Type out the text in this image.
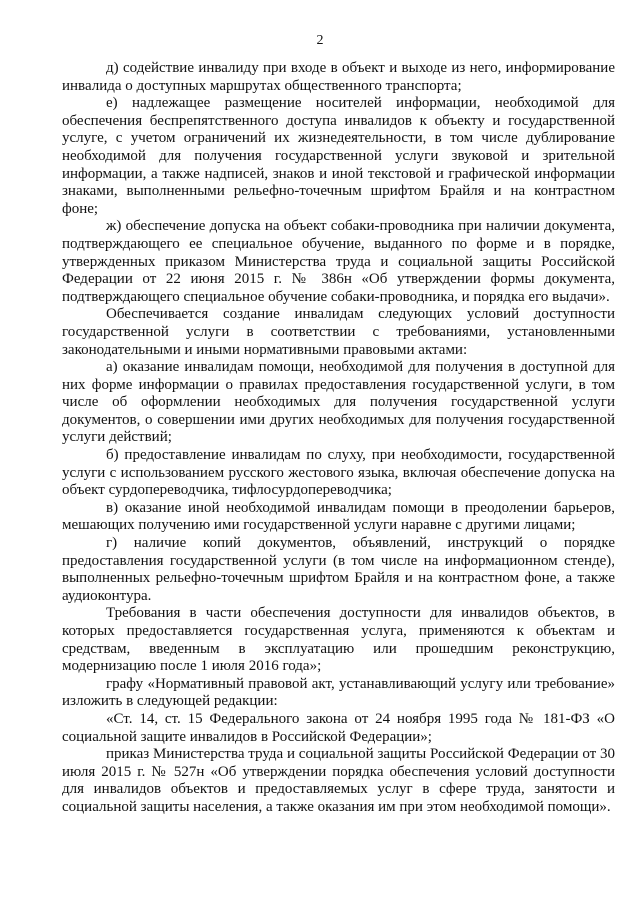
2

д) содействие инвалиду при входе в объект и выходе из него, информирование инвалида о доступных маршрутах общественного транспорта;

е) надлежащее размещение носителей информации, необходимой для обеспечения беспрепятственного доступа инвалидов к объекту и государственной услуге, с учетом ограничений их жизнедеятельности, в том числе дублирование необходимой для получения государственной услуги звуковой и зрительной информации, а также надписей, знаков и иной текстовой и графической информации знаками, выполненными рельефно-точечным шрифтом Брайля и на контрастном фоне;

ж) обеспечение допуска на объект собаки-проводника при наличии документа, подтверждающего ее специальное обучение, выданного по форме и в порядке, утвержденных приказом Министерства труда и социальной защиты Российской Федерации от 22 июня 2015 г. № 386н «Об утверждении формы документа, подтверждающего специальное обучение собаки-проводника, и порядка его выдачи».

Обеспечивается создание инвалидам следующих условий доступности государственной услуги в соответствии с требованиями, установленными законодательными и иными нормативными правовыми актами:

а) оказание инвалидам помощи, необходимой для получения в доступной для них форме информации о правилах предоставления государственной услуги, в том числе об оформлении необходимых для получения государственной услуги документов, о совершении ими других необходимых для получения государственной услуги действий;

б) предоставление инвалидам по слуху, при необходимости, государственной услуги с использованием русского жестового языка, включая обеспечение допуска на объект сурдопереводчика, тифлосурдопереводчика;

в) оказание иной необходимой инвалидам помощи в преодолении барьеров, мешающих получению ими государственной услуги наравне с другими лицами;

г) наличие копий документов, объявлений, инструкций о порядке предоставления государственной услуги (в том числе на информационном стенде), выполненных рельефно-точечным шрифтом Брайля и на контрастном фоне, а также аудиоконтура.

Требования в части обеспечения доступности для инвалидов объектов, в которых предоставляется государственная услуга, применяются к объектам и средствам, введенным в эксплуатацию или прошедшим реконструкцию, модернизацию после 1 июля 2016 года»;

графу «Нормативный правовой акт, устанавливающий услугу или требование» изложить в следующей редакции:

«Ст. 14, ст. 15 Федерального закона от 24 ноября 1995 года № 181-ФЗ «О социальной защите инвалидов в Российской Федерации»;

приказ Министерства труда и социальной защиты Российской Федерации от 30 июля 2015 г. № 527н «Об утверждении порядка обеспечения условий доступности для инвалидов объектов и предоставляемых услуг в сфере труда, занятости и социальной защиты населения, а также оказания им при этом необходимой помощи».
